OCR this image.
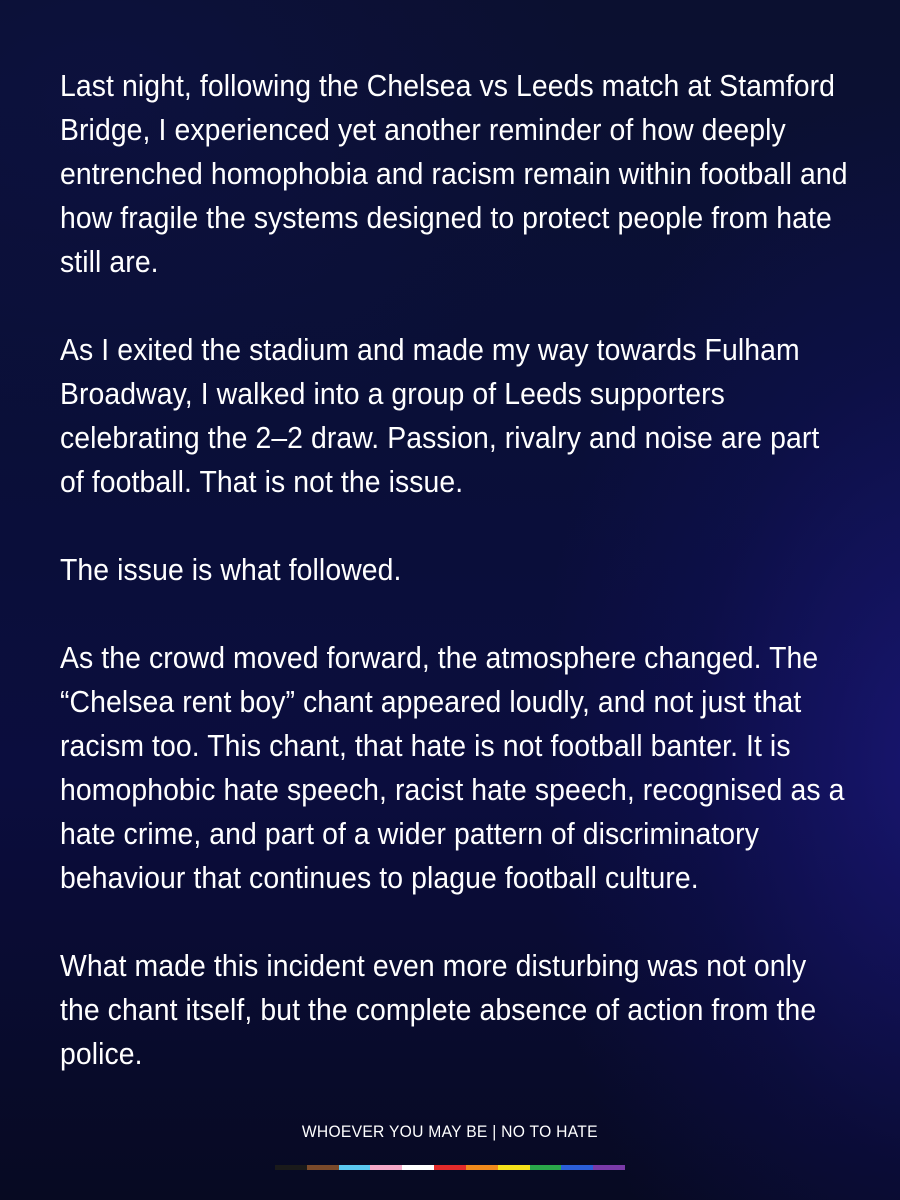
Last night, following the Chelsea vs Leeds match at Stamford Bridge, I experienced yet another reminder of how deeply entrenched homophobia and racism remain within football and how fragile the systems designed to protect people from hate still are.

As I exited the stadium and made my way towards Fulham Broadway, I walked into a group of Leeds supporters celebrating the 2–2 draw. Passion, rivalry and noise are part of football. That is not the issue.

The issue is what followed.

As the crowd moved forward, the atmosphere changed. The “Chelsea rent boy” chant appeared loudly, and not just that racism too. This chant, that hate is not football banter. It is homophobic hate speech, racist hate speech, recognised as a hate crime, and part of a wider pattern of discriminatory behaviour that continues to plague football culture.

What made this incident even more disturbing was not only the chant itself, but the complete absence of action from the police.

WHOEVER YOU MAY BE | NO TO HATE
